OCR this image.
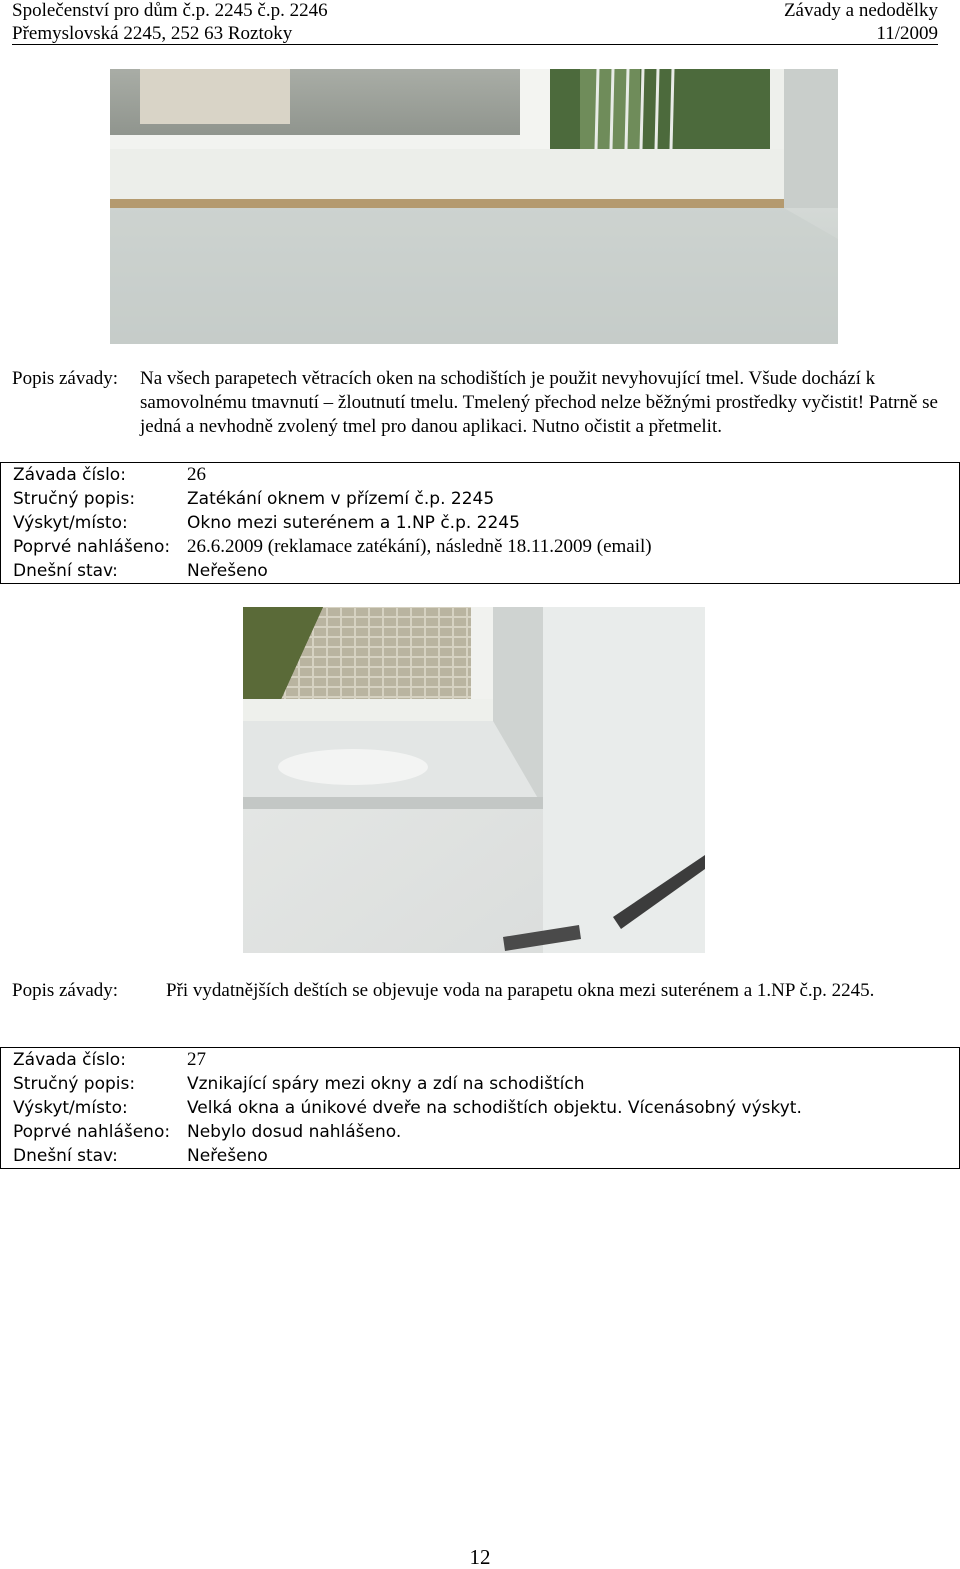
Společenství pro dům č.p. 2245 č.p. 2246
Přemyslovská 2245, 252 63 Roztoky
Závady a nedodělky
11/2009
Popis závady: Na všech parapetech větracích oken na schodištích je použit nevyhovující tmel. Všude dochází k samovolnému tmavnutí – žloutnutí tmelu. Tmelený přechod nelze běžnými prostředky vyčistit! Patrně se jedná a nevhodně zvolený tmel pro danou aplikaci. Nutno očistit a přetmelit.
Závada číslo:	26
Stručný popis:	Zatékání oknem v přízemí č.p. 2245
Výskyt/místo:	Okno mezi suterénem a 1.NP č.p. 2245
Poprvé nahlášeno:	26.6.2009 (reklamace zatékání), následně 18.11.2009 (email)
Dnešní stav:	Neřešeno
Popis závady:	Při vydatnějších deštích se objevuje voda na parapetu okna mezi suterénem a 1.NP č.p. 2245.
Závada číslo:	27
Stručný popis:	Vznikající spáry mezi okny a zdí na schodištích
Výskyt/místo:	Velká okna a únikové dveře na schodištích objektu. Vícenásobný výskyt.
Poprvé nahlášeno:	Nebylo dosud nahlášeno.
Dnešní stav:	Neřešeno
12
